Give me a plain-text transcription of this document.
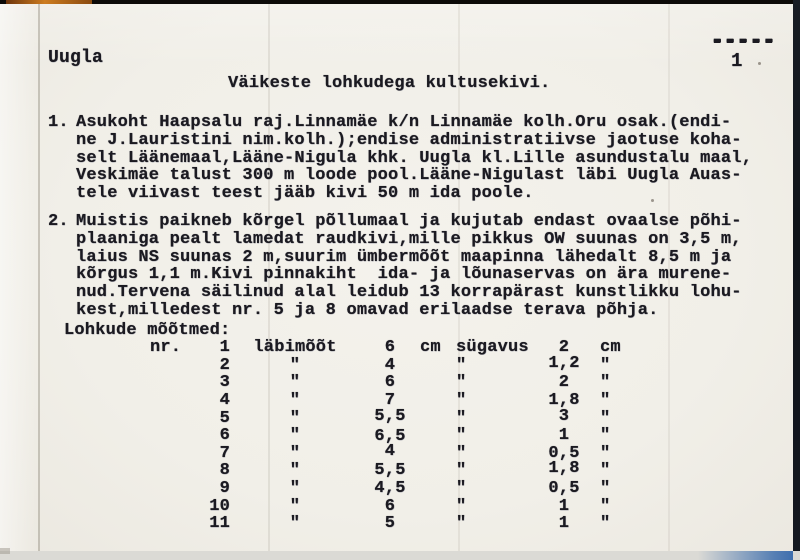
Uugla
-----
1
Väikeste lohkudega kultusekivi.
1. Asukoht Haapsalu raj.Linnamäe k/n Linnamäe kolh.Oru osak.(endi-
ne J.Lauristini nim.kolh.);endise administratiivse jaotuse koha-
selt Läänemaal,Lääne-Nigula khk. Uugla kl.Lille asundustalu maal,
Veskimäe talust 300 m loode pool.Lääne-Nigulast läbi Uugla Auas-
tele viivast teest jääb kivi 50 m ida poole.
2. Muistis paikneb kõrgel põllumaal ja kujutab endast ovaalse põhi-
plaaniga pealt lamedat raudkivi,mille pikkus OW suunas on 3,5 m,
laius NS suunas 2 m,suurim ümbermõõt maapinna lähedalt 8,5 m ja
kõrgus 1,1 m.Kivi pinnakiht  ida- ja lõunaservas on ära murene-
nud.Tervena säilinud alal leidub 13 korrapärast kunstlikku lohu-
kest,milledest nr. 5 ja 8 omavad erilaadse terava põhja.
Lohkude mõõtmed:
nr.	1	läbimõõt	6	cm sügavus	2	cm
2	"	4	"	1,2	"
3	"	6	"	2	"
4	"	7	"	1,8	"
5	"	5,5	"	3	"
6	"	6,5	"	1	"
7	"	4	"	0,5	"
8	"	5,5	"	1,8	"
9	"	4,5	"	0,5	"
10	"	6	"	1	"
11	"	5	"	1	"
